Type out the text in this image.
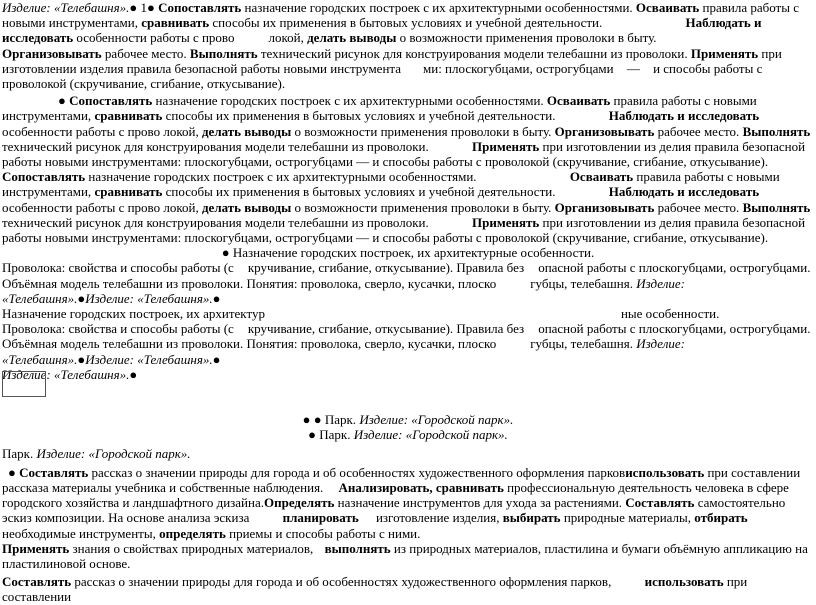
Изделие: «Телебашня».● 1● Сопоставлять назначение городских построек с их архитектурными особенностями. Осваивать правила работы с новыми инструментами, сравнивать способы их применения в бытовых условиях и учебной деятельности.	Наблюдать и исследовать особенности работы с прово	локой, делать выводы о возможности применения проволоки в быту. Организовывать рабочее место. Выполнять технический рисунок для конструирования модели телебашни из проволоки. Применять при изготовлении изделия правила безопасной работы новыми инструмента ми: плоскогубцами, острогубцами — и способы работы с проволокой (скручивание, сгибание, откусывание).

● Сопоставлять назначение городских построек с их архитектурными особенностями. Осваивать правила работы с новыми инструментами, сравнивать способы их применения в бытовых условиях и учебной деятельности.	Наблюдать и исследовать особенности работы с прово локой, делать выводы о возможности применения проволоки в быту. Организовывать рабочее место. Выполнять технический рисунок для конструирования модели телебашни из проволоки.	Применять при изготовлении из делия правила безопасной работы новыми инструментами: плоскогубцами, острогубцами — и способы работы с проволокой (скручивание, сгибание, откусывание).

Сопоставлять назначение городских построек с их архитектурными особенностями.	Осваивать правила работы с новыми инструментами, сравнивать способы их применения в бытовых условиях и учебной деятельности.	Наблюдать и исследовать особенности работы с прово локой, делать выводы о возможности применения проволоки в быту. Организовывать рабочее место. Выполнять технический рисунок для конструирования модели телебашни из проволоки.	Применять при изготовлении из делия правила безопасной работы новыми инструментами: плоскогубцами, острогубцами — и способы работы с проволокой (скручивание, сгибание, откусывание).

● Назначение городских построек, их архитектурные особенности.

Проволока: свойства и способы работы (с кручивание, сгибание, откусывание). Правила без опасной работы с плоскогубцами, острогубцами. Объёмная модель телебашни из проволоки. Понятия: проволока, сверло, кусачки, плоско	губцы, телебашня. Изделие: «Телебашня».●Изделие: «Телебашня».●

Назначение городских построек, их архитектур	ные особенности.

Проволока: свойства и способы работы (с кручивание, сгибание, откусывание). Правила без опасной работы с плоскогубцами, острогубцами. Объёмная модель телебашни из проволоки. Понятия: проволока, сверло, кусачки, плоско	губцы, телебашня. Изделие: «Телебашня».●Изделие: «Телебашня».●

Изделие: «Телебашня».●

● ● Парк. Изделие: «Городской парк».

● Парк. Изделие: «Городской парк».

Парк. Изделие: «Городской парк».

● Составлять рассказ о значении природы для города и об особенностях художественного оформления парковиспользовать при составлении рассказа материалы учебника и собственные наблюдения. Анализировать, сравнивать профессиональную деятельность человека в сфере городского хозяйства и ландшафтного дизайна.Определять назначение инструментов для ухода за растениями. Составлять самостоятельно эскиз композиции. На основе анализа эскиза планировать изготовление изделия, выбирать природные материалы, отбирать необходимые инструменты, определять приемы и способы работы с ними.

Применять знания о свойствах природных материалов, выполнять из природных материалов, пластилина и бумаги объёмную аппликацию на пластилиновой основе.

Составлять рассказ о значении природы для города и об особенностях художественного оформления парков, использовать при составлении
